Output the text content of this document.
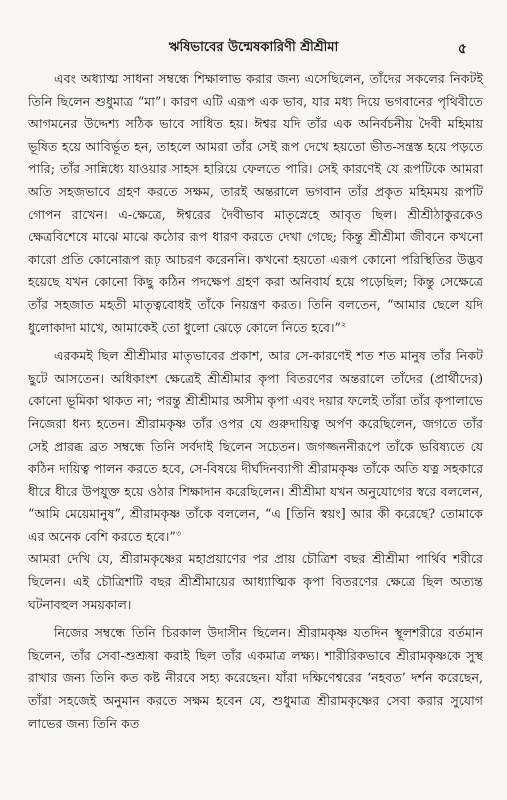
ঋষিভাবের উন্মেষকারিণী শ্রীশ্রীমা	৫

এবং অধ্যাত্ম সাধনা সম্বন্ধে শিক্ষালাভ করার জন্য এসেছিলেন, তাঁদের সকলের নিকটই তিনি ছিলেন শুধুমাত্র “মা”। কারণ এটি এরূপ এক ভাব, যার মধ্য দিয়ে ভগবানের পৃথিবীতে আগমনের উদ্দেশ্য সঠিক ভাবে সাধিত হয়। ঈশ্বর যদি তাঁর এক অনির্বচনীয় দৈবী মহিমায় ভূষিত হয়ে আবির্ভূত হন, তাহলে আমরা তাঁর সেই রূপ দেখে হয়তো ভীত-সন্ত্রস্ত হয়ে পড়তে পারি; তাঁর সান্নিধ্যে যাওয়ার সাহস হারিয়ে ফেলতে পারি। সেই কারণেই যে রূপটিকে আমরা অতি সহজভাবে গ্রহণ করতে সক্ষম, তারই অন্তরালে ভগবান তাঁর প্রকৃত মহিমময় রূপটি গোপন রাখেন। এ-ক্ষেত্রে, ঈশ্বরের দৈবীভাব মাতৃস্নেহে আবৃত ছিল। শ্রীশ্রীঠাকুরকেও ক্ষেত্রবিশেষে মাঝে মাঝে কঠোর রূপ ধারণ করতে দেখা গেছে; কিন্তু শ্রীশ্রীমা জীবনে কখনো কারো প্রতি কোনোরূপ রূঢ় আচরণ করেননি। কখনো হয়তো এরূপ কোনো পরিস্থিতির উদ্ভব হয়েছে যখন কোনো কিছু কঠিন পদক্ষেপ গ্রহণ করা অনিবার্য হয়ে পড়েছিল; কিন্তু সেক্ষেত্রে তাঁর সহজাত মহতী মাতৃত্ববোধই তাঁকে নিয়ন্ত্রণ করত। তিনি বলতেন, “আমার ছেলে যদি ধুলোকাদা মাখে, আমাকেই তো ধুলো ঝেড়ে কোলে নিতে হবে।”$^২$

এরকমই ছিল শ্রীশ্রীমার মাতৃভাবের প্রকাশ, আর সে-কারণেই শত শত মানুষ তাঁর নিকট ছুটে আসতেন। অধিকাংশ ক্ষেত্রেই শ্রীশ্রীমার কৃপা বিতরণের অন্তরালে তাঁদের (প্রার্থীদের) কোনো ভূমিকা থাকত না; পরন্তু শ্রীশ্রীমার অসীম কৃপা এবং দয়ার ফলেই তাঁরা তাঁর কৃপালাভে নিজেরা ধন্য হতেন। শ্রীরামকৃষ্ণ তাঁর ওপর যে গুরুদায়িত্ব অর্পণ করেছিলেন, জগতে তাঁর সেই প্রারব্ধ ব্রত সম্বন্ধে তিনি সর্বদাই ছিলেন সচেতন। জগজ্জননীরূপে তাঁকে ভবিষ্যতে যে কঠিন দায়িত্ব পালন করতে হবে, সে-বিষয়ে দীর্ঘদিনব্যাপী শ্রীরামকৃষ্ণ তাঁকে অতি যত্ন সহকারে ধীরে ধীরে উপযুক্ত হয়ে ওঠার শিক্ষাদান করেছিলেন। শ্রীশ্রীমা যখন অনুযোগের স্বরে বললেন, “আমি মেয়েমানুষ”, শ্রীরামকৃষ্ণ তাঁকে বললেন, “এ [তিনি স্বয়ং] আর কী করেছে? তোমাকে এর অনেক বেশি করতে হবে।”$^৩$
আমরা দেখি যে, শ্রীরামকৃষ্ণের মহাপ্রয়াণের পর প্রায় চৌত্রিশ বছর শ্রীশ্রীমা পার্থিব শরীরে ছিলেন। এই চৌত্রিশটি বছর শ্রীশ্রীমায়ের আধ্যাত্মিক কৃপা বিতরণের ক্ষেত্রে ছিল অত্যন্ত ঘটনাবহুল সময়কাল।

নিজের সম্বন্ধে তিনি চিরকাল উদাসীন ছিলেন। শ্রীরামকৃষ্ণ যতদিন স্থূলশরীরে বর্তমান ছিলেন, তাঁর সেবা-শুশ্রূষা করাই ছিল তাঁর একমাত্র লক্ষ্য। শারীরিকভাবে শ্রীরামকৃষ্ণকে সুস্থ রাখার জন্য তিনি কত কষ্ট নীরবে সহ্য করেছেন। যাঁরা দক্ষিণেশ্বরের ‘নহবত’ দর্শন করেছেন, তাঁরা সহজেই অনুমান করতে সক্ষম হবেন যে, শুধুমাত্র শ্রীরামকৃষ্ণের সেবা করার সুযোগ লাভের জন্য তিনি কত
